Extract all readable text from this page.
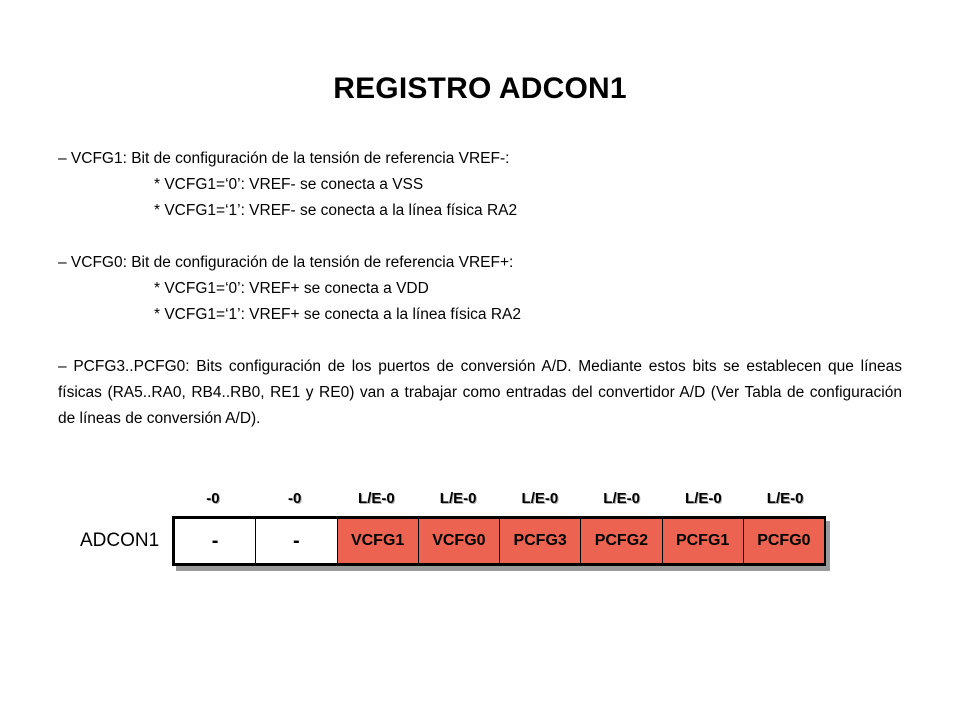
REGISTRO ADCON1
– VCFG1: Bit de configuración de la tensión de referencia VREF-:
* VCFG1=‘0’: VREF- se conecta a VSS
* VCFG1=‘1’: VREF- se conecta a la línea física RA2
– VCFG0: Bit de configuración de la tensión de referencia VREF+:
* VCFG1=‘0’: VREF+ se conecta a VDD
* VCFG1=‘1’: VREF+ se conecta a la línea física RA2
– PCFG3..PCFG0: Bits configuración de los puertos de conversión A/D. Mediante estos bits se establecen que líneas físicas (RA5..RA0, RB4..RB0, RE1 y RE0) van a trabajar como entradas del convertidor A/D (Ver Tabla de configuración de líneas de conversión A/D).
ADCON1
-0	-0	L/E-0	L/E-0	L/E-0	L/E-0	L/E-0	L/E-0
-	-	VCFG1	VCFG0	PCFG3	PCFG2	PCFG1	PCFG0
